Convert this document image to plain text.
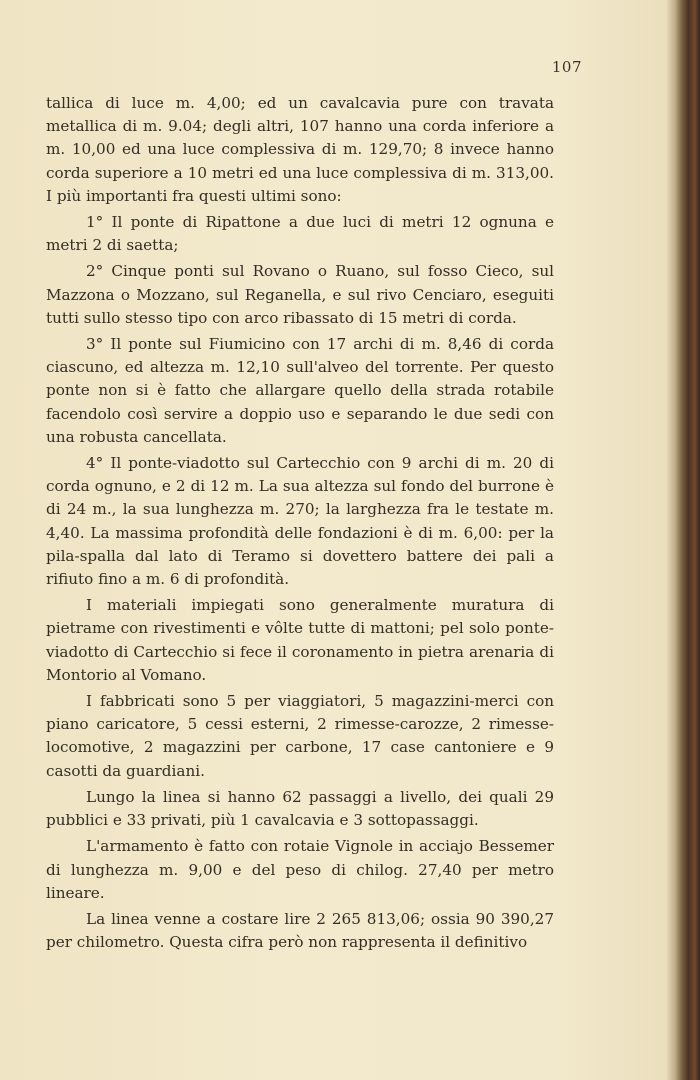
107

tallica di luce m. 4,00; ed un cavalcavia pure con travata metallica di m. 9.04; degli altri, 107 hanno una corda inferiore a m. 10,00 ed una luce complessiva di m. 129,70; 8 invece hanno corda superiore a 10 metri ed una luce complessiva di m. 313,00. I più importanti fra questi ultimi sono:

1° Il ponte di Ripattone a due luci di metri 12 ognuna e metri 2 di saetta;

2° Cinque ponti sul Rovano o Ruano, sul fosso Cieco, sul Mazzona o Mozzano, sul Reganella, e sul rivo Cenciaro, eseguiti tutti sullo stesso tipo con arco ribassato di 15 metri di corda.

3° Il ponte sul Fiumicino con 17 archi di m. 8,46 di corda ciascuno, ed altezza m. 12,10 sull'alveo del torrente. Per questo ponte non si è fatto che allargare quello della strada rotabile facendolo così servire a doppio uso e separando le due sedi con una robusta cancellata.

4° Il ponte-viadotto sul Cartecchio con 9 archi di m. 20 di corda ognuno, e 2 di 12 m. La sua altezza sul fondo del burrone è di 24 m., la sua lunghezza m. 270; la larghezza fra le testate m. 4,40. La massima profondità delle fondazioni è di m. 6,00: per la pila-spalla dal lato di Teramo si dovettero battere dei pali a rifiuto fino a m. 6 di profondità.

I materiali impiegati sono generalmente muratura di pietrame con rivestimenti e vôlte tutte di mattoni; pel solo ponte-viadotto di Cartecchio si fece il coronamento in pietra arenaria di Montorio al Vomano.

I fabbricati sono 5 per viaggiatori, 5 magazzini-merci con piano caricatore, 5 cessi esterni, 2 rimesse-carozze, 2 rimesse-locomotive, 2 magazzini per carbone, 17 case cantoniere e 9 casotti da guardiani.

Lungo la linea si hanno 62 passaggi a livello, dei quali 29 pubblici e 33 privati, più 1 cavalcavia e 3 sottopassaggi.

L'armamento è fatto con rotaie Vignole in acciajo Bessemer di lunghezza m. 9,00 e del peso di chilog. 27,40 per metro lineare.

La linea venne a costare lire 2 265 813,06; ossia 90 390,27 per chilometro. Questa cifra però non rappresenta il definitivo
